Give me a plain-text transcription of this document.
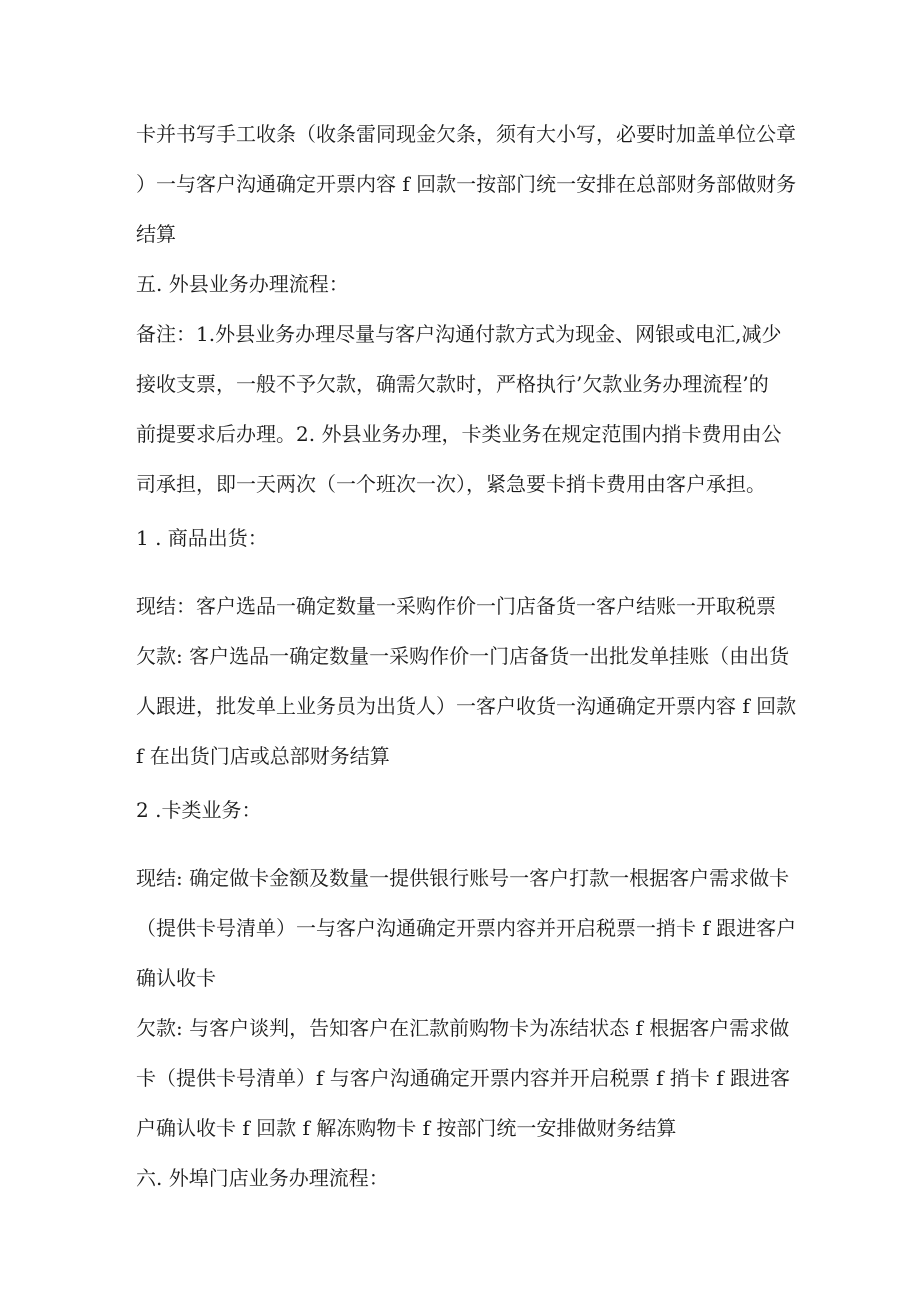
卡并书写手工收条（收条雷同现金欠条，须有大小写，必要时加盖单位公章
）一与客户沟通确定开票内容 f 回款一按部门统一安排在总部财务部做财务
结算
五. 外县业务办理流程：
备注：1.外县业务办理尽量与客户沟通付款方式为现金、网银或电汇,减少
接收支票，一般不予欠款，确需欠款时，严格执行’欠款业务办理流程’的
前提要求后办理。2. 外县业务办理，卡类业务在规定范围内捎卡费用由公
司承担，即一天两次（一个班次一次），紧急要卡捎卡费用由客户承担。
1 . 商品出货：
现结：客户选品一确定数量一采购作价一门店备货一客户结账一开取税票
欠款: 客户选品一确定数量一采购作价一门店备货一出批发单挂账（由出货
人跟进，批发单上业务员为出货人）一客户收货一沟通确定开票内容 f 回款
f 在出货门店或总部财务结算
2 .卡类业务：
现结: 确定做卡金额及数量一提供银行账号一客户打款一根据客户需求做卡
（提供卡号清单）一与客户沟通确定开票内容并开启税票一捎卡 f 跟进客户
确认收卡
欠款: 与客户谈判，告知客户在汇款前购物卡为冻结状态 f 根据客户需求做
卡（提供卡号清单）f 与客户沟通确定开票内容并开启税票 f 捎卡 f 跟进客
户确认收卡 f 回款 f 解冻购物卡 f 按部门统一安排做财务结算
六. 外埠门店业务办理流程：
